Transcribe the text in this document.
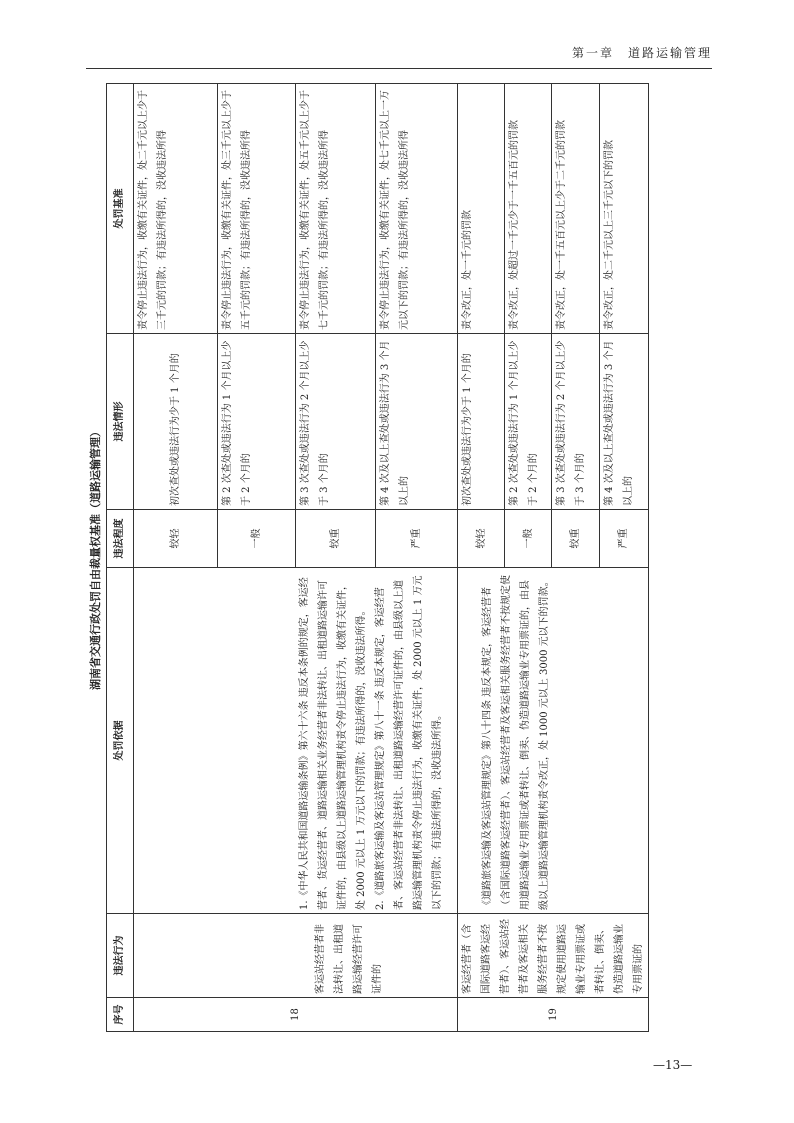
第一章　道路运输管理
湖南省交通行政处罚自由裁量权基准（道路运输管理）
序号	违法行为	处罚依据	违法程度	违法情形	处罚基准
18	客运站经营者非法转让、出租道路运输经营许可证件的	1.《中华人民共和国道路运输条例》第六十六条 违反本条例的规定，客运经营者、货运经营者、道路运输相关业务经营者非法转让、出租道路运输许可证件的，由县级以上道路运输管理机构责令停止违法行为，收缴有关证件，处 2000 元以上 1 万元以下的罚款；有违法所得的，没收违法所得。
2.《道路旅客运输及客运站管理规定》第八十一条 违反本规定，客运经营者、客运站经营者非法转让、出租道路运输经营许可证件的，由县级以上道路运输管理机构责令停止违法行为，收缴有关证件，处 2000 元以上 1 万元以下的罚款；有违法所得的，没收违法所得。	较轻	初次查处或违法行为少于 1 个月的	责令停止违法行为，收缴有关证件，处二千元以上少于三千元的罚款；有违法所得的，没收违法所得
			一般	第 2 次查处或违法行为 1 个月以上少于 2 个月的	责令停止违法行为，收缴有关证件，处三千元以上少于五千元的罚款；有违法所得的，没收违法所得
			较重	第 3 次查处或违法行为 2 个月以上少于 3 个月的	责令停止违法行为，收缴有关证件，处五千元以上少于七千元的罚款；有违法所得的，没收违法所得
			严重	第 4 次及以上查处或违法行为 3 个月以上的	责令停止违法行为，收缴有关证件，处七千元以上一万元以下的罚款；有违法所得的，没收违法所得
19	客运经营者（含国际道路客运经营者）、客运站经营者及客运相关服务经营者不按规定使用道路运输业专用票证或者转让、倒卖、伪造道路运输业专用票证的	《道路旅客运输及客运站管理规定》第八十四条 违反本规定，客运经营者（含国际道路客运经营者）、客运站经营者及客运相关服务经营者不按规定使用道路运输业专用票证或者转让、倒卖、伪造道路运输业专用票证的，由县级以上道路运输管理机构责令改正，处 1000 元以上 3000 元以下的罚款。	较轻	初次查处或违法行为少于 1 个月的	责令改正，处一千元的罚款
			一般	第 2 次查处或违法行为 1 个月以上少于 2 个月的	责令改正，处超过一千元少于一千五百元的罚款
			较重	第 3 次查处或违法行为 2 个月以上少于 3 个月的	责令改正，处一千五百元以上少于二千元的罚款
			严重	第 4 次及以上查处或违法行为 3 个月以上的	责令改正，处二千元以上三千元以下的罚款
—13—
